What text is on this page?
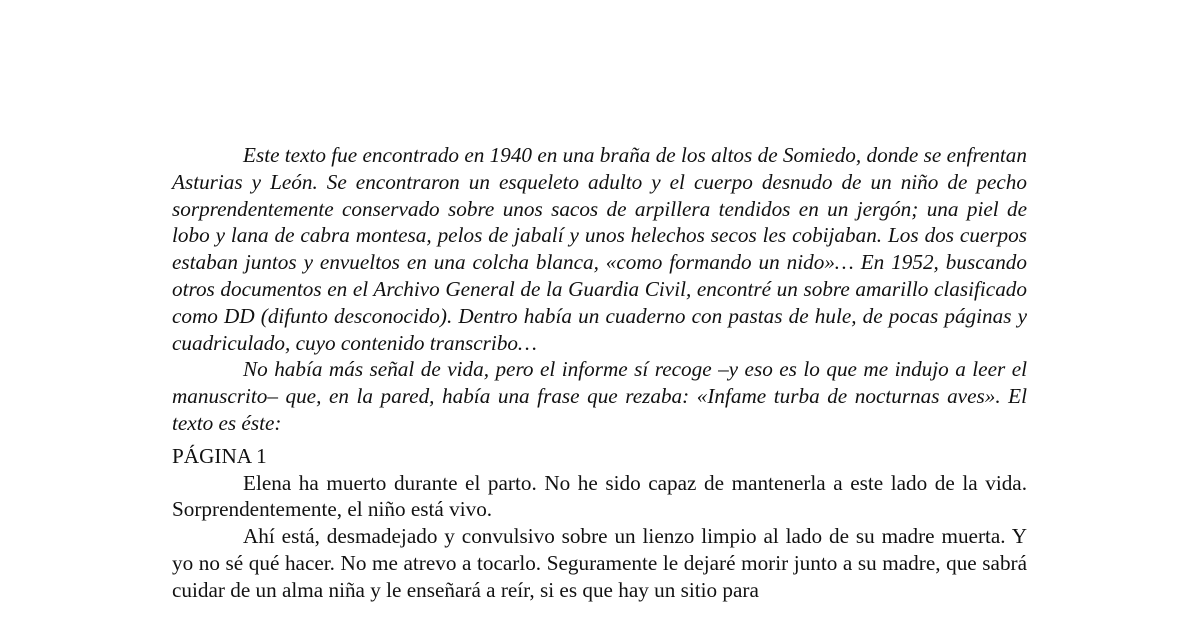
Este texto fue encontrado en 1940 en una braña de los altos de Somiedo, donde se enfrentan Asturias y León. Se encontraron un esqueleto adulto y el cuerpo desnudo de un niño de pecho sorprendentemente conservado sobre unos sacos de arpillera tendidos en un jergón; una piel de lobo y lana de cabra montesa, pelos de jabalí y unos helechos secos les cobijaban. Los dos cuerpos estaban juntos y envueltos en una colcha blanca, «como formando un nido»… En 1952, buscando otros documentos en el Archivo General de la Guardia Civil, encontré un sobre amarillo clasificado como DD (difunto desconocido). Dentro había un cuaderno con pastas de hule, de pocas páginas y cuadriculado, cuyo contenido transcribo…

No había más señal de vida, pero el informe sí recoge –y eso es lo que me indujo a leer el manuscrito– que, en la pared, había una frase que rezaba: «Infame turba de nocturnas aves». El texto es éste:

PÁGINA 1

Elena ha muerto durante el parto. No he sido capaz de mantenerla a este lado de la vida. Sorprendentemente, el niño está vivo.

Ahí está, desmadejado y convulsivo sobre un lienzo limpio al lado de su madre muerta. Y yo no sé qué hacer. No me atrevo a tocarlo. Seguramente le dejaré morir junto a su madre, que sabrá cuidar de un alma niña y le enseñará a reír, si es que hay un sitio para
